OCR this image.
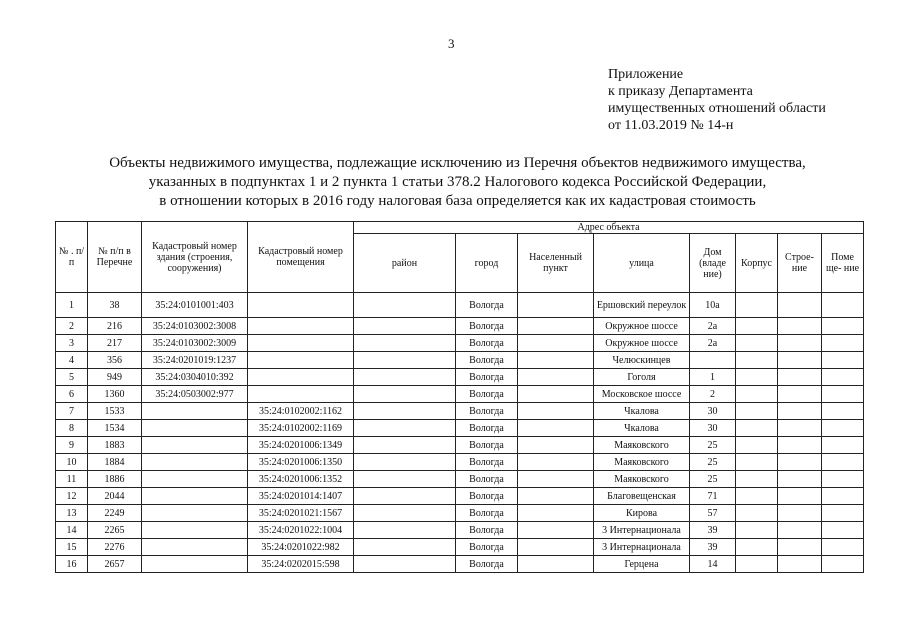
3
Приложение
к приказу Департамента
имущественных отношений области
от 11.03.2019 № 14-н
Объекты недвижимого имущества, подлежащие исключению из Перечня объектов недвижимого имущества,
указанных в подпунктах 1 и 2 пункта 1 статьи 378.2 Налогового кодекса Российской Федерации,
в отношении которых в 2016 году налоговая база определяется как их кадастровая стоимость
№ . п/п	№ п/п в Перечне	Кадастровый номер здания (строения, сооружения)	Кадастровый номер помещения	Адрес объекта							
				район	город	Населенный пункт	улица	Дом (владе ние)	Корпус	Строе- ние	Поме ще- ние
1	38	35:24:0101001:403			Вологда		Ершовский переулок	10а			
2	216	35:24:0103002:3008			Вологда		Окружное шоссе	2а			
3	217	35:24:0103002:3009			Вологда		Окружное шоссе	2а			
4	356	35:24:0201019:1237			Вологда		Челюскинцев				
5	949	35:24:0304010:392			Вологда		Гоголя	1			
6	1360	35:24:0503002:977			Вологда		Московское шоссе	2			
7	1533		35:24:0102002:1162		Вологда		Чкалова	30			
8	1534		35:24:0102002:1169		Вологда		Чкалова	30			
9	1883		35:24:0201006:1349		Вологда		Маяковского	25			
10	1884		35:24:0201006:1350		Вологда		Маяковского	25			
11	1886		35:24:0201006:1352		Вологда		Маяковского	25			
12	2044		35:24:0201014:1407		Вологда		Благовещенская	71			
13	2249		35:24:0201021:1567		Вологда		Кирова	57			
14	2265		35:24:0201022:1004		Вологда		3 Интернационала	39			
15	2276		35:24:0201022:982		Вологда		3 Интернационала	39			
16	2657		35:24:0202015:598		Вологда		Герцена	14			
